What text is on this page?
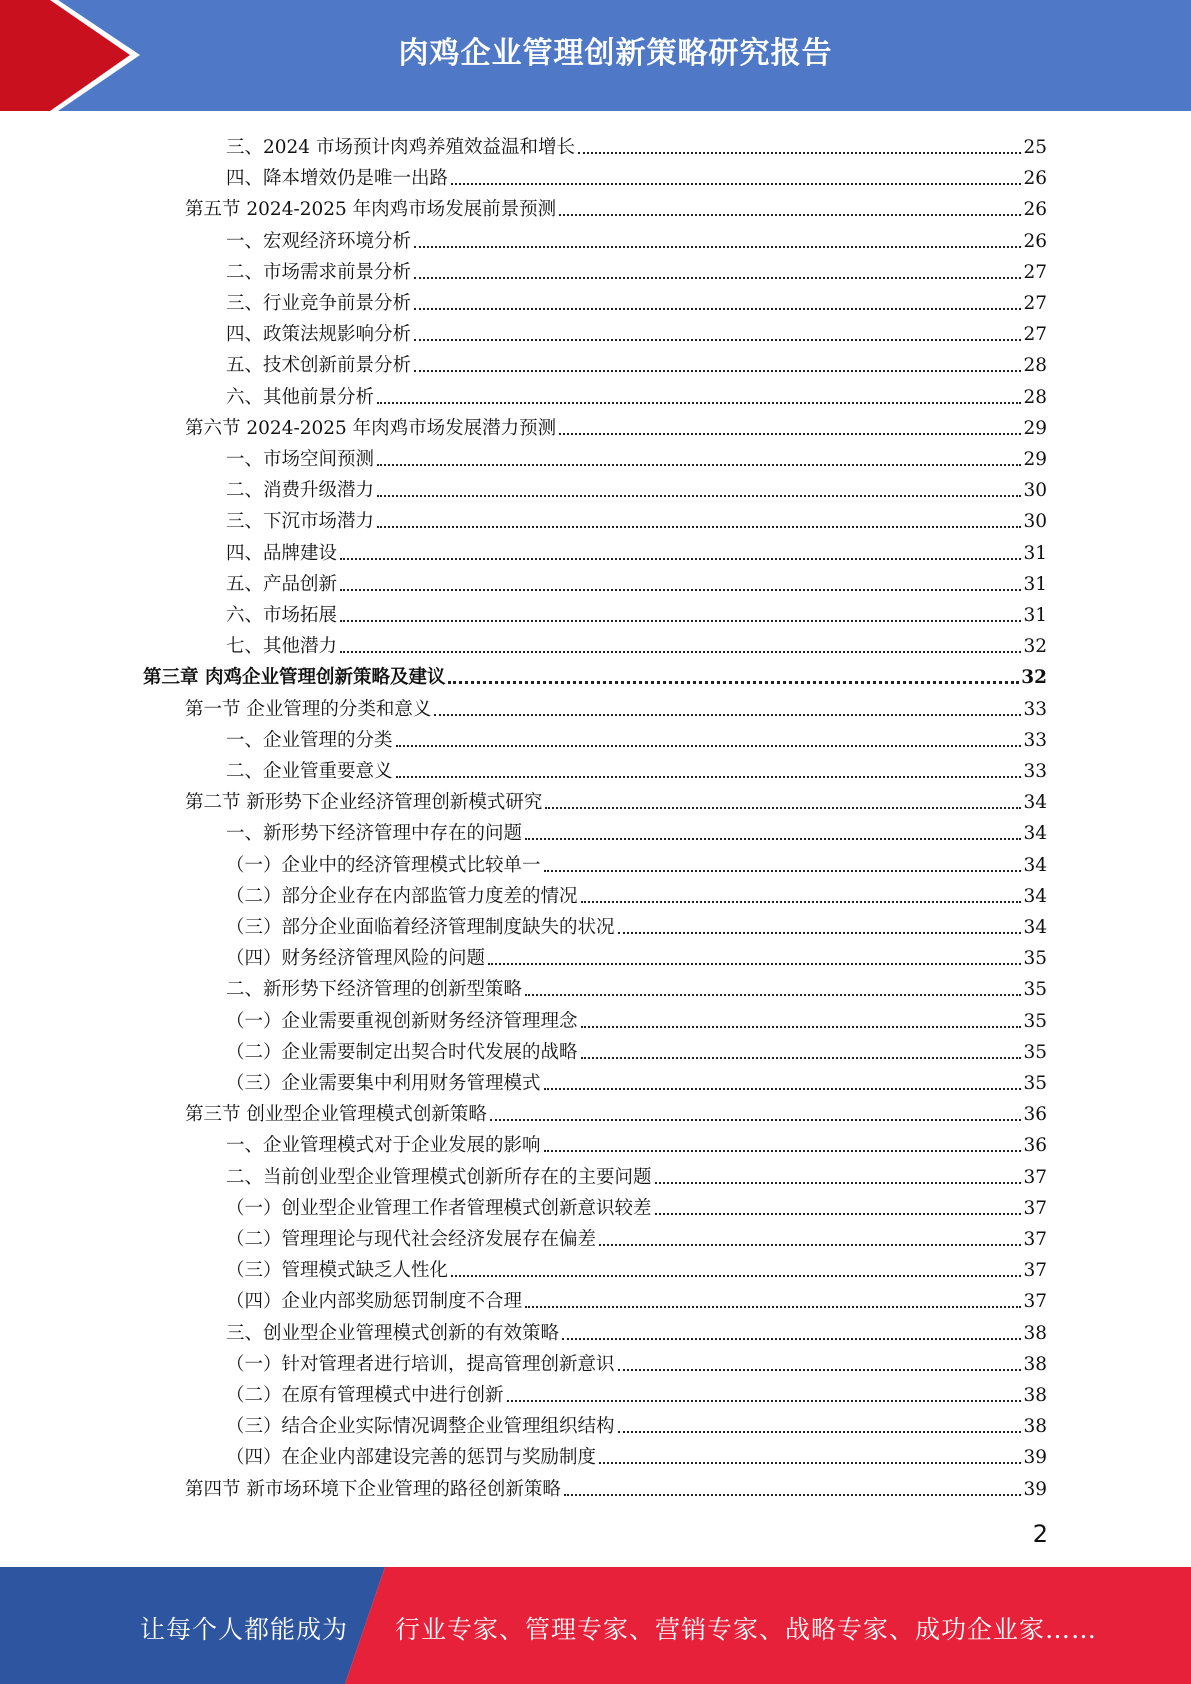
肉鸡企业管理创新策略研究报告
三、2024 市场预计肉鸡养殖效益温和增长	25
四、降本增效仍是唯一出路	26
第五节 2024-2025 年肉鸡市场发展前景预测	26
一、宏观经济环境分析	26
二、市场需求前景分析	27
三、行业竞争前景分析	27
四、政策法规影响分析	27
五、技术创新前景分析	28
六、其他前景分析	28
第六节 2024-2025 年肉鸡市场发展潜力预测	29
一、市场空间预测	29
二、消费升级潜力	30
三、下沉市场潜力	30
四、品牌建设	31
五、产品创新	31
六、市场拓展	31
七、其他潜力	32
第三章 肉鸡企业管理创新策略及建议	32
第一节 企业管理的分类和意义	33
一、企业管理的分类	33
二、企业管重要意义	33
第二节 新形势下企业经济管理创新模式研究	34
一、新形势下经济管理中存在的问题	34
（一）企业中的经济管理模式比较单一	34
（二）部分企业存在内部监管力度差的情况	34
（三）部分企业面临着经济管理制度缺失的状况	34
（四）财务经济管理风险的问题	35
二、新形势下经济管理的创新型策略	35
（一）企业需要重视创新财务经济管理理念	35
（二）企业需要制定出契合时代发展的战略	35
（三）企业需要集中利用财务管理模式	35
第三节 创业型企业管理模式创新策略	36
一、企业管理模式对于企业发展的影响	36
二、当前创业型企业管理模式创新所存在的主要问题	37
（一）创业型企业管理工作者管理模式创新意识较差	37
（二）管理理论与现代社会经济发展存在偏差	37
（三）管理模式缺乏人性化	37
（四）企业内部奖励惩罚制度不合理	37
三、创业型企业管理模式创新的有效策略	38
（一）针对管理者进行培训，提高管理创新意识	38
（二）在原有管理模式中进行创新	38
（三）结合企业实际情况调整企业管理组织结构	38
（四）在企业内部建设完善的惩罚与奖励制度	39
第四节 新市场环境下企业管理的路径创新策略	39
2
让每个人都能成为 行业专家、管理专家、营销专家、战略专家、成功企业家……
